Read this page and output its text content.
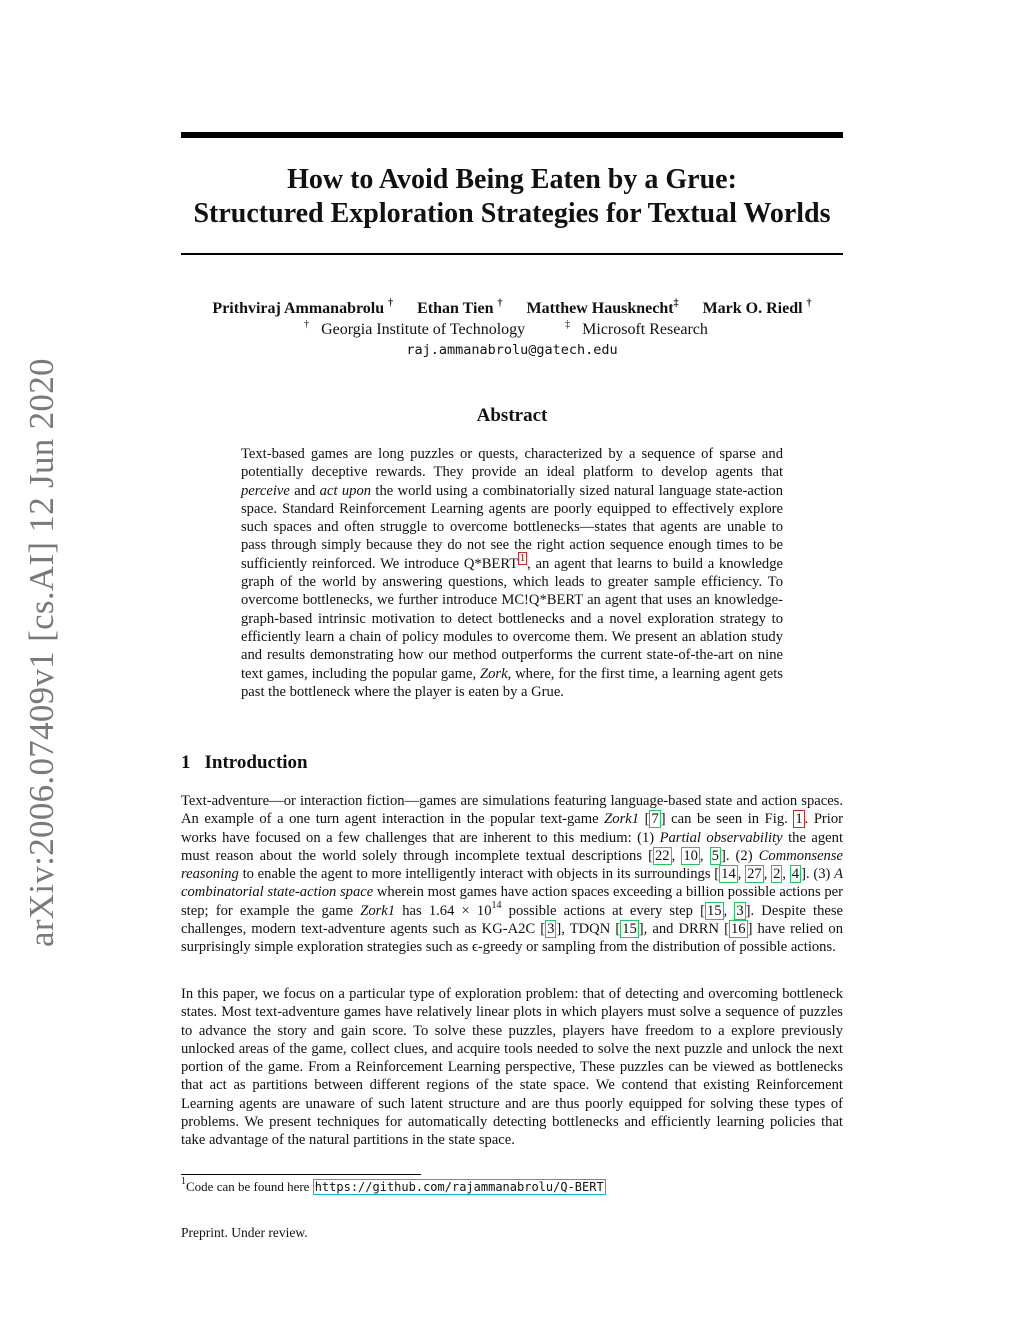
How to Avoid Being Eaten by a Grue:
Structured Exploration Strategies for Textual Worlds
Prithviraj Ammanabrolu † Ethan Tien † Matthew Hausknecht‡ Mark O. Riedl †
† Georgia Institute of Technology	‡ Microsoft Research
raj.ammanabrolu@gatech.edu
arXiv:2006.07409v1 [cs.AI] 12 Jun 2020	Abstract
Text-based games are long puzzles or quests, characterized by a sequence of sparse and potentially deceptive rewards. They provide an ideal platform to develop agents that perceive and act upon the world using a combinatorially sized natural language state-action space. Standard Reinforcement Learning agents are poorly equipped to effectively explore such spaces and often struggle to overcome bottlenecks—states that agents are unable to pass through simply because they do not see the right action sequence enough times to be sufficiently reinforced. We introduce Q*BERT $^1$ , an agent that learns to build a knowledge graph of the world by answering questions, which leads to greater sample efficiency. To overcome bottlenecks, we further introduce MC!Q*BERT an agent that uses an knowledge-graph-based intrinsic motivation to detect bottlenecks and a novel exploration strategy to efficiently learn a chain of policy modules to overcome them. We present an ablation study and results demonstrating how our method outperforms the current state-of-the-art on nine text games, including the popular game, Zork, where, for the first time, a learning agent gets past the bottleneck where the player is eaten by a Grue.
1 Introduction
Text-adventure—or interaction fiction—games are simulations featuring language-based state and action spaces. An example of a one turn agent interaction in the popular text-game Zork1 [ 7 ] can be seen in Fig. 1 . Prior works have focused on a few challenges that are inherent to this medium: (1) Partial observability the agent must reason about the world solely through incomplete textual descriptions [ 22 , 10 , 5 ]. (2) Commonsense reasoning to enable the agent to more intelligently interact with objects in its surroundings [ 14 , 27 , 2 , 4 ]. (3) A combinatorial state-action space wherein most games have action spaces exceeding a billion possible actions per step; for example the game Zork1 has $1.64 \times 10^{14}$ possible actions at every step [ 15 , 3 ]. Despite these challenges, modern text-adventure agents such as KG-A2C [ 3 ], TDQN [ 15 ], and DRRN [ 16 ] have relied on surprisingly simple exploration strategies such as ϵ-greedy or sampling from the distribution of possible actions.
In this paper, we focus on a particular type of exploration problem: that of detecting and overcoming bottleneck states. Most text-adventure games have relatively linear plots in which players must solve a sequence of puzzles to advance the story and gain score. To solve these puzzles, players have freedom to a explore previously unlocked areas of the game, collect clues, and acquire tools needed to solve the next puzzle and unlock the next portion of the game. From a Reinforcement Learning perspective, These puzzles can be viewed as bottlenecks that act as partitions between different regions of the state space. We contend that existing Reinforcement Learning agents are unaware of such latent structure and are thus poorly equipped for solving these types of problems. We present techniques for automatically detecting bottlenecks and efficiently learning policies that take advantage of the natural partitions in the state space.
$^1$Code can be found here https://github.com/rajammanabrolu/Q-BERT
Preprint. Under review.
